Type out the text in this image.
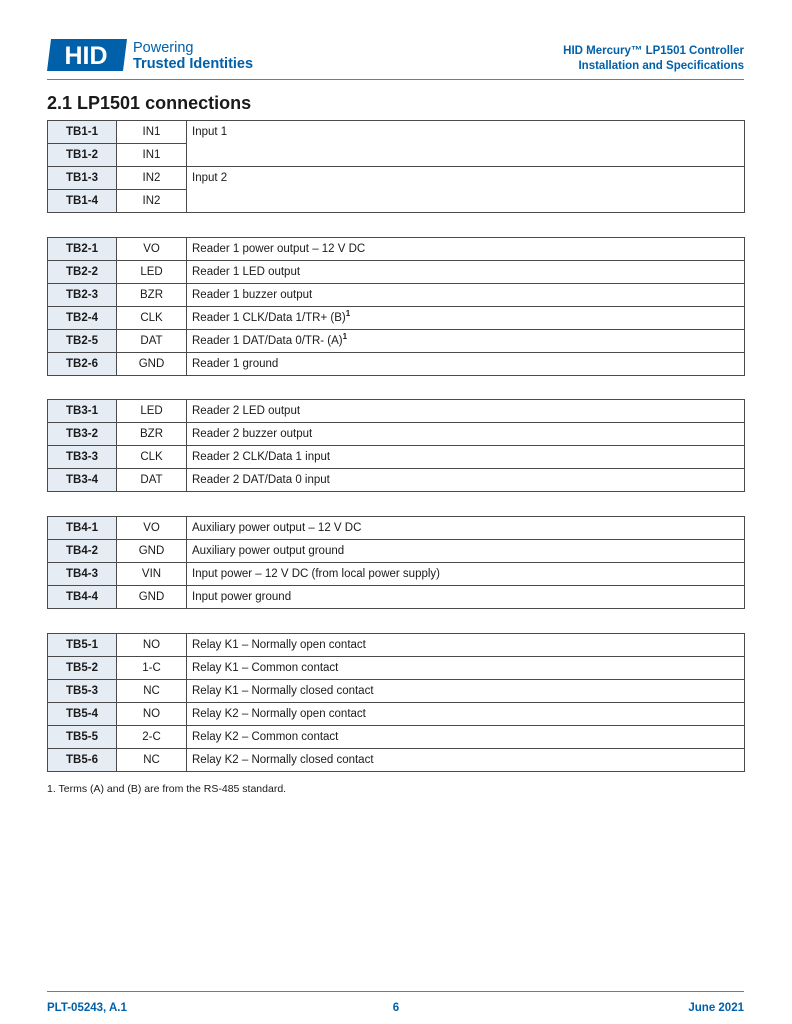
HID Powering
Trusted Identities
HID Mercury™ LP1501 Controller
Installation and Specifications
2.1 LP1501 connections
TB1-1	IN1	Input 1
TB1-2	IN1	
TB1-3	IN2	Input 2
TB1-4	IN2	
TB2-1	VO	Reader 1 power output – 12 V DC
TB2-2	LED	Reader 1 LED output
TB2-3	BZR	Reader 1 buzzer output
TB2-4	CLK	Reader 1 CLK/Data $1/TR+ (B)^1$
TB2-5	DAT	Reader 1 DAT/Data 0/TR- $(A)^1$
TB2-6	GND	Reader 1 ground
TB3-1	LED	Reader 2 LED output
TB3-2	BZR	Reader 2 buzzer output
TB3-3	CLK	Reader 2 CLK/Data 1 input
TB3-4	DAT	Reader 2 DAT/Data 0 input
TB4-1	VO	Auxiliary power output – 12 V DC
TB4-2	GND	Auxiliary power output ground
TB4-3	VIN	Input power – 12 V DC (from local power supply)
TB4-4	GND	Input power ground
TB5-1	NO	Relay K1 – Normally open contact
TB5-2	1-C	Relay K1 – Common contact
TB5-3	NC	Relay K1 – Normally closed contact
TB5-4	NO	Relay K2 – Normally open contact
TB5-5	2-C	Relay K2 – Common contact
TB5-6	NC	Relay K2 – Normally closed contact
1. Terms (A) and (B) are from the RS-485 standard.
PLT-05243, A.1	6	June 2021
